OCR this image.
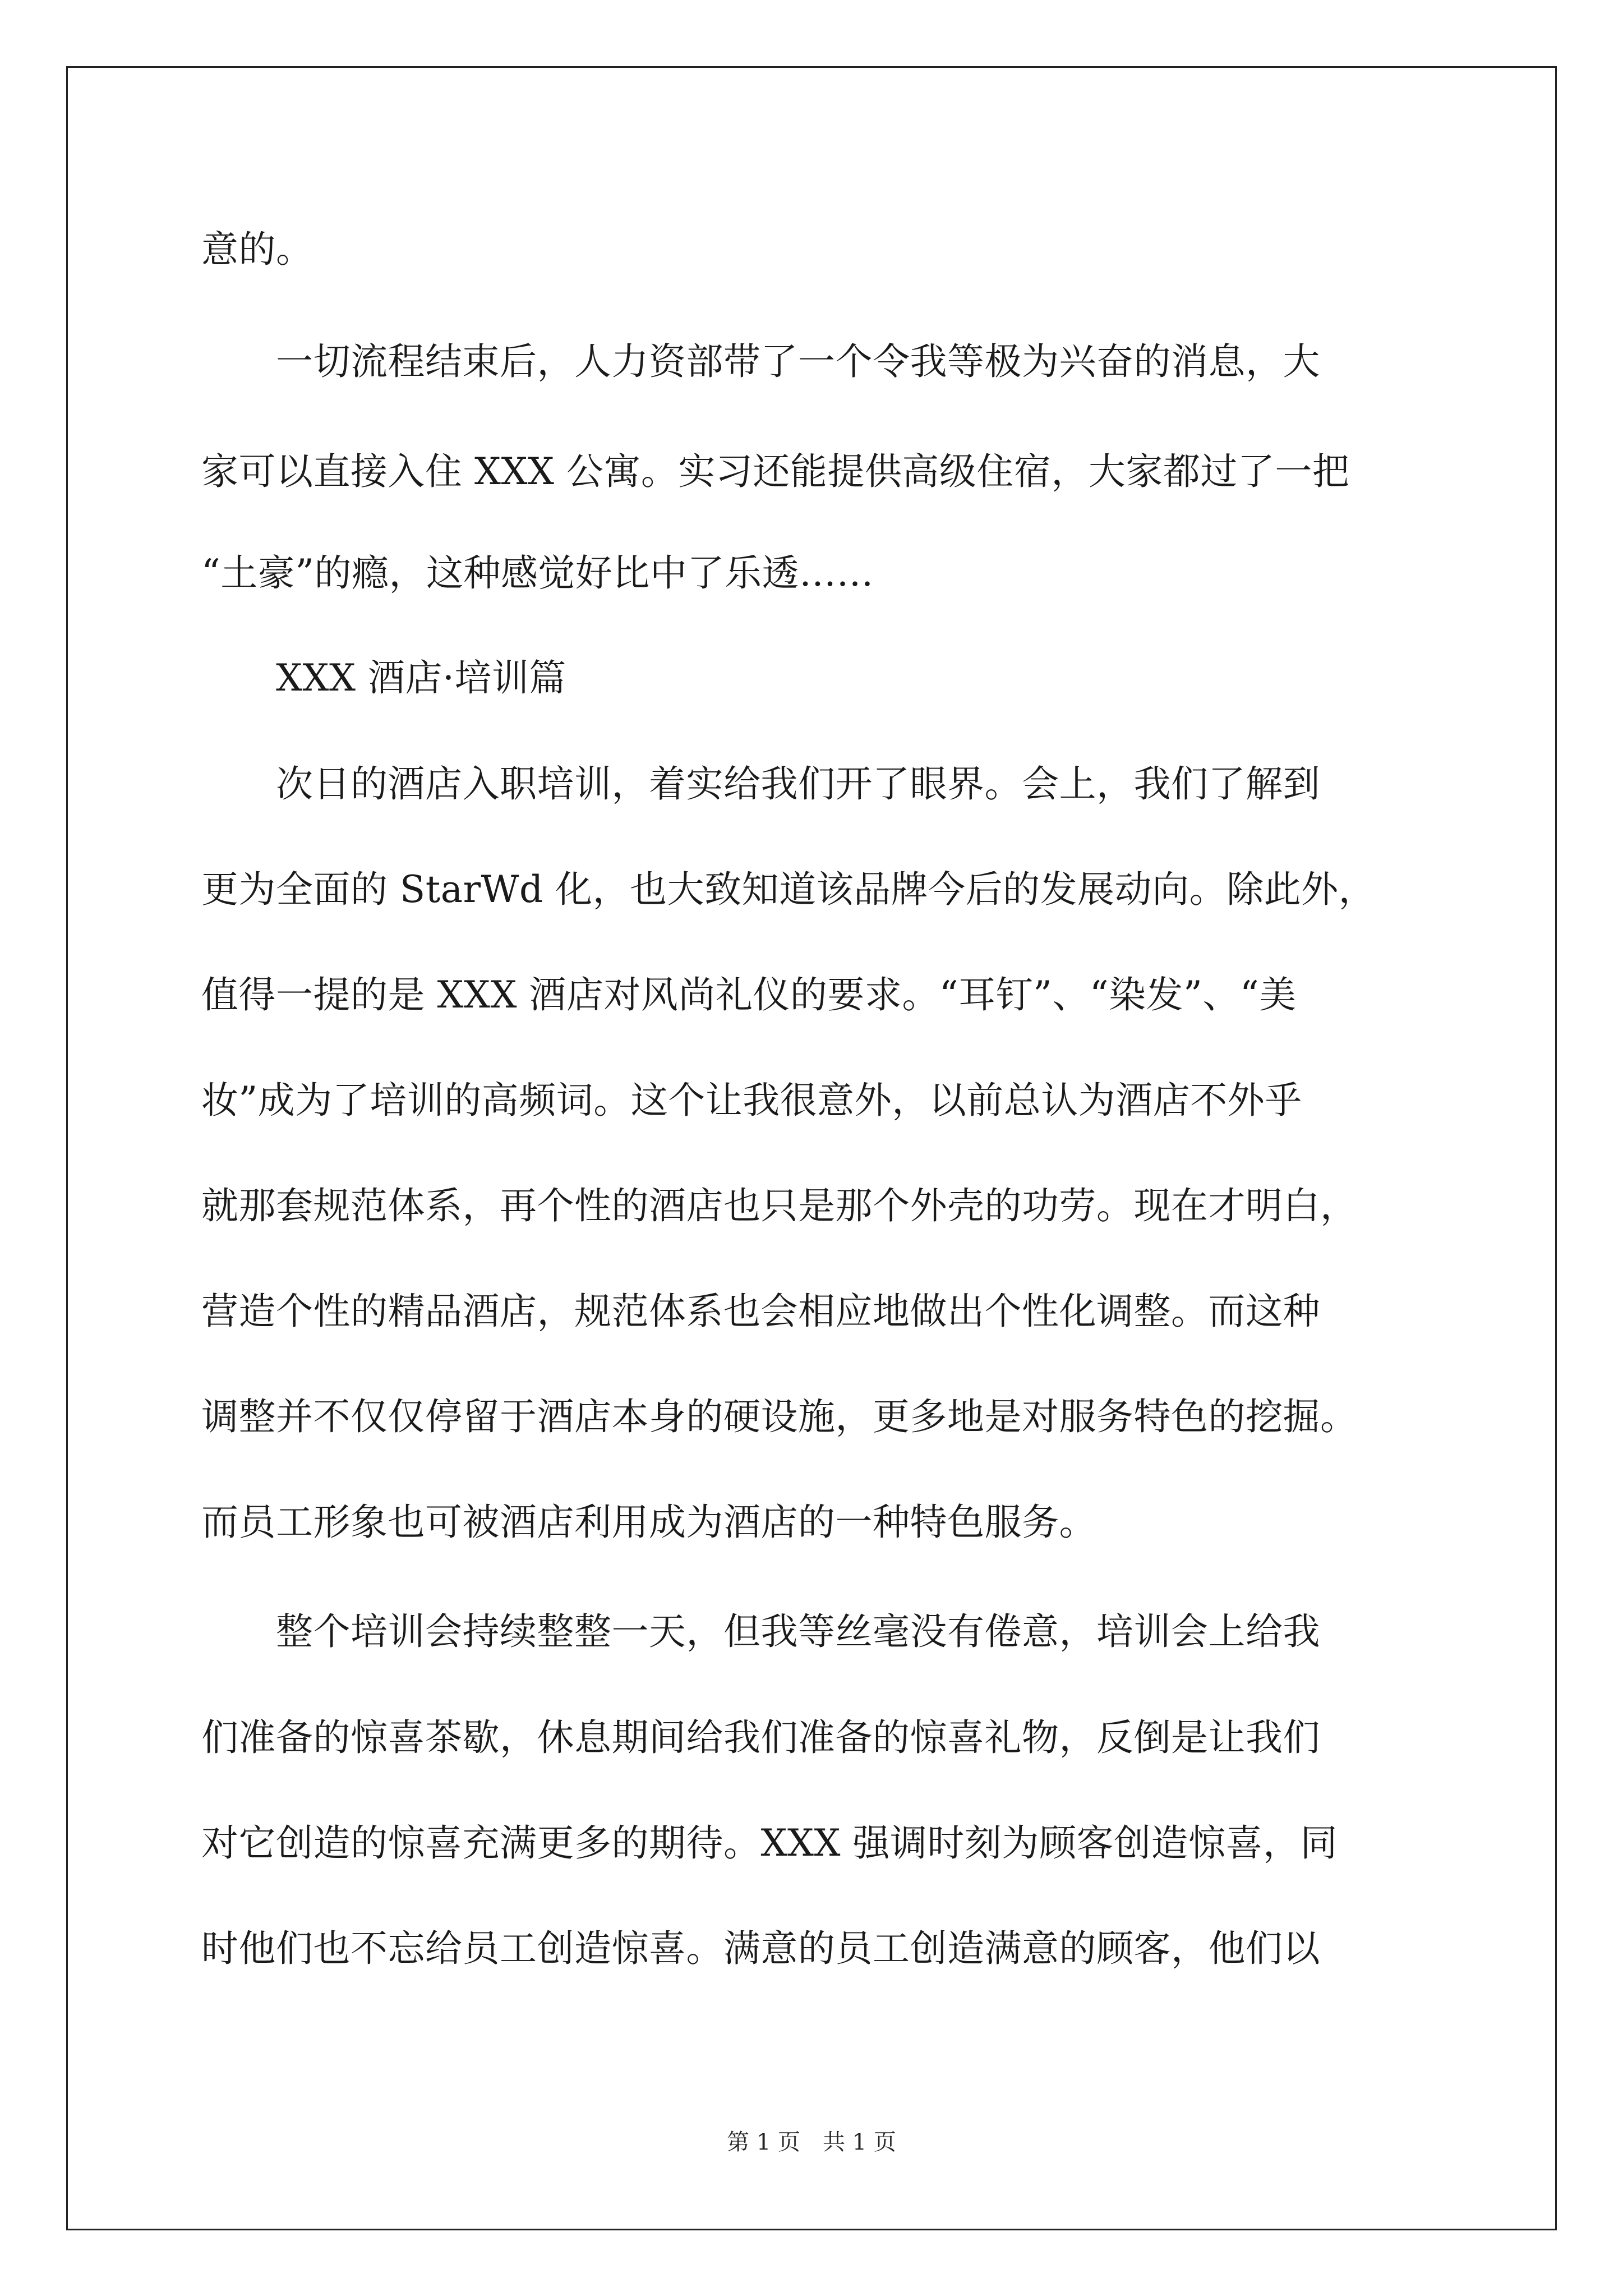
意的。
　　一切流程结束后，人力资部带了一个令我等极为兴奋的消息，大
家可以直接入住 XXX 公寓。实习还能提供高级住宿，大家都过了一把
“土豪”的瘾，这种感觉好比中了乐透……
　　XXX 酒店·培训篇
　　次日的酒店入职培训，着实给我们开了眼界。会上，我们了解到
更为全面的 StarWd 化，也大致知道该品牌今后的发展动向。除此外，
值得一提的是 XXX 酒店对风尚礼仪的要求。“耳钉”、“染发”、“美
妆”成为了培训的高频词。这个让我很意外，以前总认为酒店不外乎
就那套规范体系，再个性的酒店也只是那个外壳的功劳。现在才明白，
营造个性的精品酒店，规范体系也会相应地做出个性化调整。而这种
调整并不仅仅停留于酒店本身的硬设施，更多地是对服务特色的挖掘。
而员工形象也可被酒店利用成为酒店的一种特色服务。
　　整个培训会持续整整一天，但我等丝毫没有倦意，培训会上给我
们准备的惊喜茶歇，休息期间给我们准备的惊喜礼物，反倒是让我们
对它创造的惊喜充满更多的期待。XXX 强调时刻为顾客创造惊喜，同
时他们也不忘给员工创造惊喜。满意的员工创造满意的顾客，他们以
第 1 页　共 1 页
